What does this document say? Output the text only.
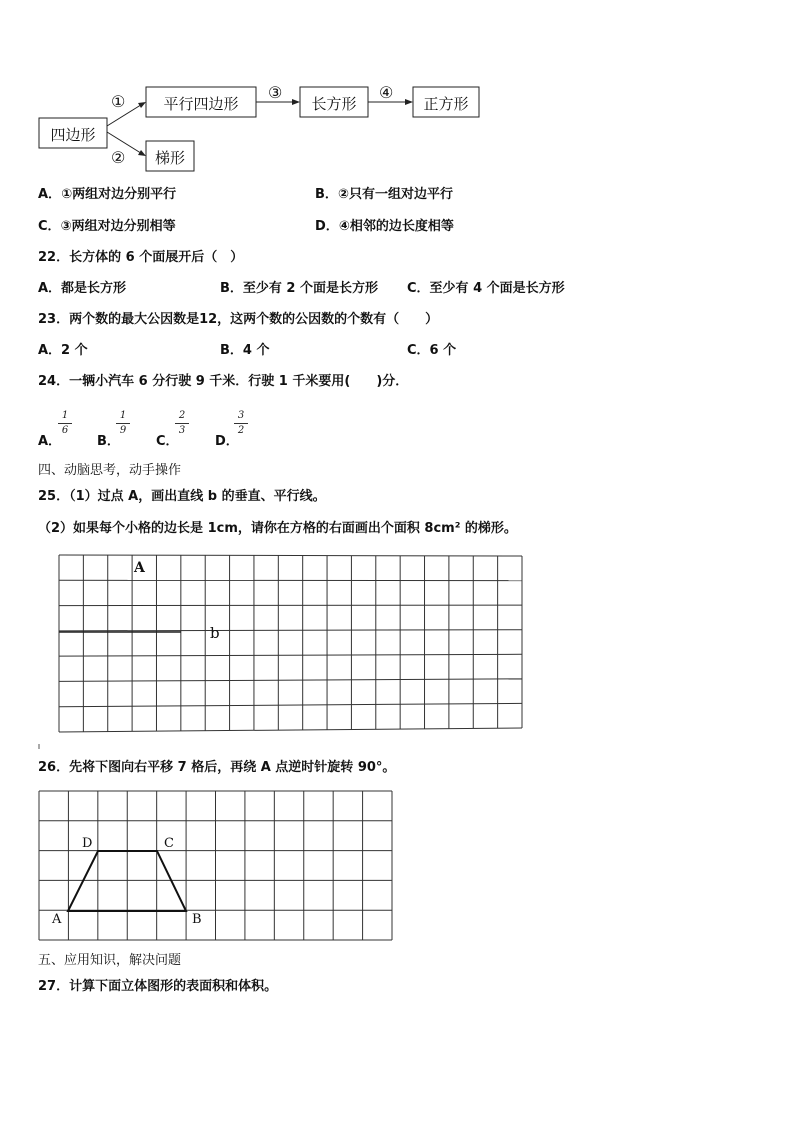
四边形
平行四边形
梯形
长方形	正方形
①
②
③	④
A．①两组对边分别平行	B．②只有一组对边平行
C．③两组对边分别相等	D．④相邻的边长度相等
22．长方体的 6 个面展开后（　）
A．都是长方形	B．至少有 2 个面是长方形 C．至少有 4 个面是长方形
23．两个数的最大公因数是12，这两个数的公因数的个数有（　　）
A．2 个	B．4 个	C．6 个
24．一辆小汽车 6 分行驶 9 千米．行驶 1 千米要用(　　)分．
A．
$\frac{1}{6}$
B．
$\frac{1}{9}$
C．
$\frac{2}{3}$
D．
$\frac{3}{2}$
四、动脑思考，动手操作
25．（1）过点 A，画出直线 b 的垂直、平行线。
（2）如果每个小格的边长是 1cm，请你在方格的右面画出个面积 8cm² 的梯形。
A
b
26．先将下图向右平移 7 格后，再绕 A 点逆时针旋转 90°。
A	B
C
D
五、应用知识，解决问题
27．计算下面立体图形的表面积和体积。
